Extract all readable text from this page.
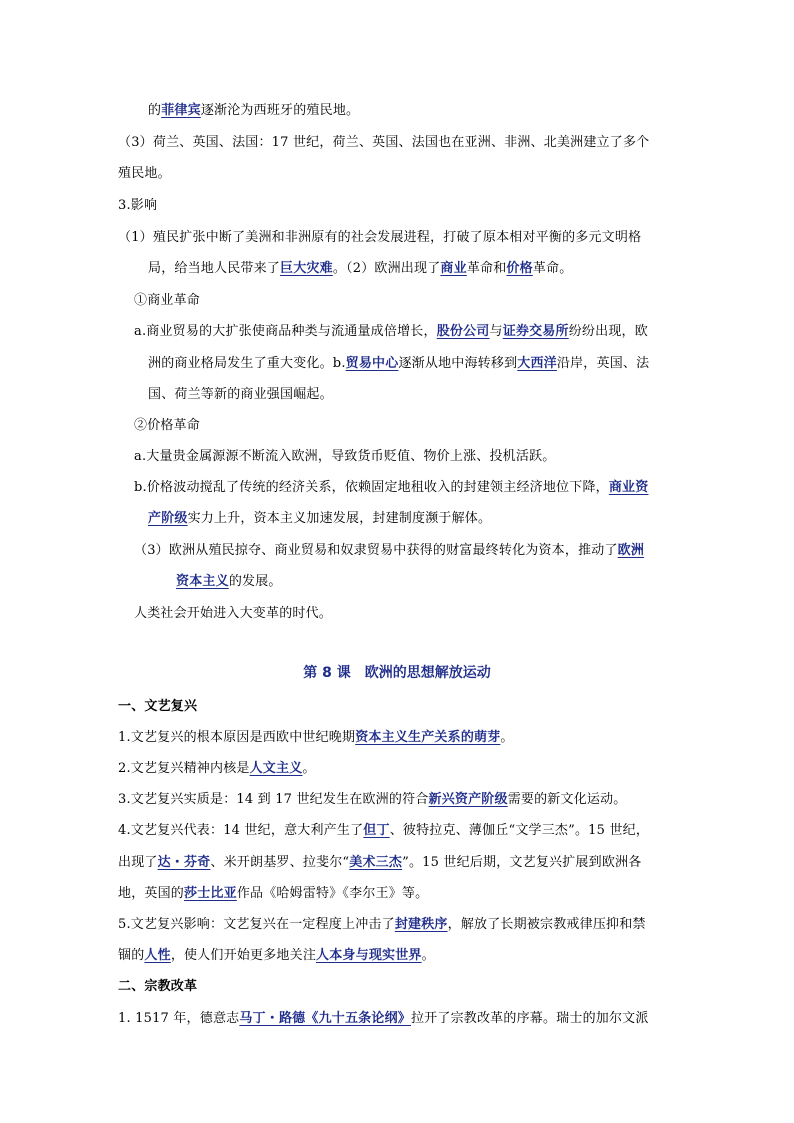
第 8 课　欧洲的思想解放运动
的菲律宾逐渐沦为西班牙的殖民地。
（3）荷兰、英国、法国：17 世纪，荷兰、英国、法国也在亚洲、非洲、北美洲建立了多个
殖民地。
3.影响
（1）殖民扩张中断了美洲和非洲原有的社会发展进程，打破了原本相对平衡的多元文明格
局，给当地人民带来了巨大灾难。（2）欧洲出现了商业革命和价格革命。
①商业革命
a.商业贸易的大扩张使商品种类与流通量成倍增长，股份公司与证券交易所纷纷出现，欧
洲的商业格局发生了重大变化。b.贸易中心逐渐从地中海转移到大西洋沿岸，英国、法
国、荷兰等新的商业强国崛起。
②价格革命
a.大量贵金属源源不断流入欧洲，导致货币贬值、物价上涨、投机活跃。
b.价格波动搅乱了传统的经济关系，依赖固定地租收入的封建领主经济地位下降，商业资
产阶级实力上升，资本主义加速发展，封建制度濒于解体。
（3）欧洲从殖民掠夺、商业贸易和奴隶贸易中获得的财富最终转化为资本，推动了欧洲
资本主义的发展。
人类社会开始进入大变革的时代。
一、文艺复兴
1.文艺复兴的根本原因是西欧中世纪晚期资本主义生产关系的萌芽。
2.文艺复兴精神内核是人文主义。
3.文艺复兴实质是：14 到 17 世纪发生在欧洲的符合新兴资产阶级需要的新文化运动。
4.文艺复兴代表：14 世纪，意大利产生了但丁、彼特拉克、薄伽丘“文学三杰”。15 世纪，
出现了达・芬奇、米开朗基罗、拉斐尔“美术三杰”。15 世纪后期，文艺复兴扩展到欧洲各
地，英国的莎士比亚作品《哈姆雷特》《李尔王》等。
5.文艺复兴影响：文艺复兴在一定程度上冲击了封建秩序，解放了长期被宗教戒律压抑和禁
锢的人性，使人们开始更多地关注人本身与现实世界。
二、宗教改革
1. 1517 年，德意志马丁・路德《九十五条论纲》拉开了宗教改革的序幕。瑞士的加尔文派
